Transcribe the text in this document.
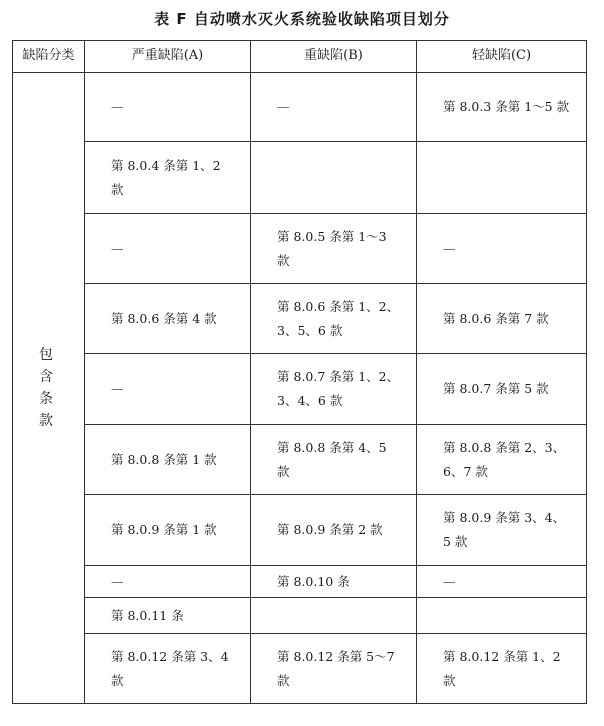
表 F 自动喷水灭火系统验收缺陷项目划分
缺陷分类	严重缺陷(A)	重缺陷(B)	轻缺陷(C)
包含条款	—	—	第 8.0.3 条第 1～5 款
	第 8.0.4 条第 1、2 款		
	—	第 8.0.5 条第 1～3 款	—
	第 8.0.6 条第 4 款	第 8.0.6 条第 1、2、3、5、6 款	第 8.0.6 条第 7 款
	—	第 8.0.7 条第 1、2、3、4、6 款	第 8.0.7 条第 5 款
	第 8.0.8 条第 1 款	第 8.0.8 条第 4、5 款	第 8.0.8 条第 2、3、6、7 款
	第 8.0.9 条第 1 款	第 8.0.9 条第 2 款	第 8.0.9 条第 3、4、5 款
	—	第 8.0.10 条	—
	第 8.0.11 条		
	第 8.0.12 条第 3、4 款	第 8.0.12 条第 5～7 款	第 8.0.12 条第 1、2 款
